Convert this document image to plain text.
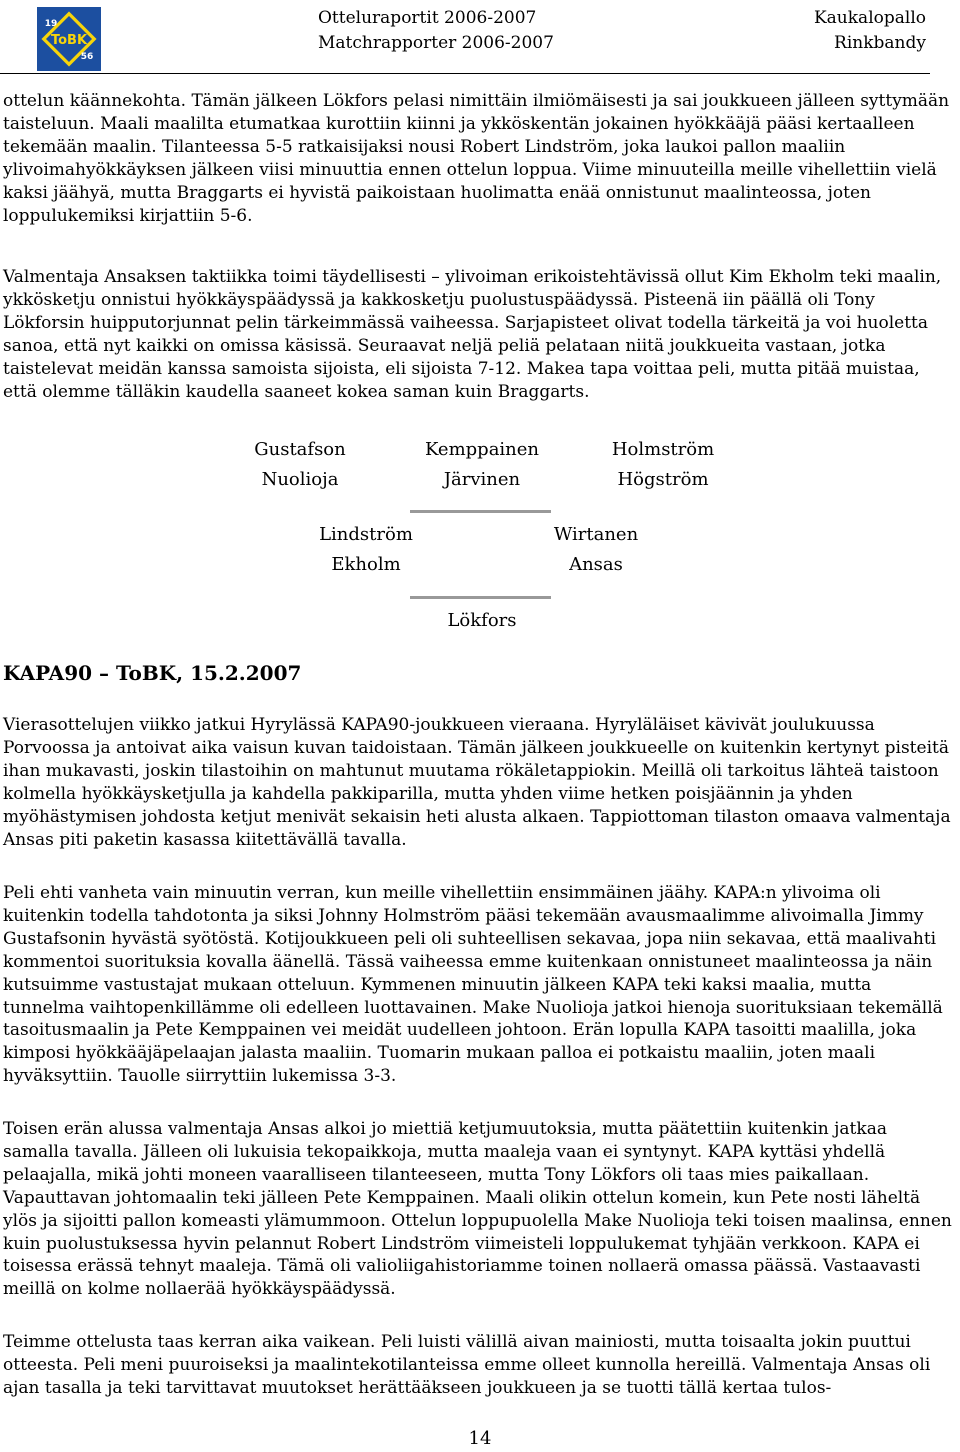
ToBK
19
56
Otteluraportit 2006-2007
Matchrapporter 2006-2007
Kaukalopallo
Rinkbandy

ottelun käännekohta. Tämän jälkeen Lökfors pelasi nimittäin ilmiömäisesti ja sai joukkueen jälleen syttymään taisteluun. Maali maalilta etumatkaa kurottiin kiinni ja ykköskentän jokainen hyökkääjä pääsi kertaalleen tekemään maalin. Tilanteessa 5-5 ratkaisijaksi nousi Robert Lindström, joka laukoi pallon maaliin ylivoimahyökkäyksen jälkeen viisi minuuttia ennen ottelun loppua. Viime minuuteilla meille vihellettiin vielä kaksi jäähyä, mutta Braggarts ei hyvistä paikoistaan huolimatta enää onnistunut maalinteossa, joten loppulukemiksi kirjattiin 5-6.

Valmentaja Ansaksen taktiikka toimi täydellisesti – ylivoiman erikoistehtävissä ollut Kim Ekholm teki maalin, ykkösketju onnistui hyökkäyspäädyssä ja kakkosketju puolustuspäädyssä. Pisteenä iin päällä oli Tony Lökforsin huipputorjunnat pelin tärkeimmässä vaiheessa. Sarjapisteet olivat todella tärkeitä ja voi huoletta sanoa, että nyt kaikki on omissa käsissä. Seuraavat neljä peliä pelataan niitä joukkueita vastaan, jotka taistelevat meidän kanssa samoista sijoista, eli sijoista 7-12. Makea tapa voittaa peli, mutta pitää muistaa, että olemme tälläkin kaudella saaneet kokea saman kuin Braggarts.

Gustafson	Kemppainen	Holmström
Nuolioja	Järvinen	Högström
Lindström	Wirtanen
Ekholm	Ansas
Lökfors
KAPA90 – ToBK, 15.2.2007

Vierasottelujen viikko jatkui Hyrylässä KAPA90-joukkueen vieraana. Hyryläläiset kävivät joulukuussa Porvoossa ja antoivat aika vaisun kuvan taidoistaan. Tämän jälkeen joukkueelle on kuitenkin kertynyt pisteitä ihan mukavasti, joskin tilastoihin on mahtunut muutama rökäletappiokin. Meillä oli tarkoitus lähteä taistoon kolmella hyökkäysketjulla ja kahdella pakkiparilla, mutta yhden viime hetken poisjäännin ja yhden myöhästymisen johdosta ketjut menivät sekaisin heti alusta alkaen. Tappiottoman tilaston omaava valmentaja Ansas piti paketin kasassa kiitettävällä tavalla.

Peli ehti vanheta vain minuutin verran, kun meille vihellettiin ensimmäinen jäähy. KAPA:n ylivoima oli kuitenkin todella tahdotonta ja siksi Johnny Holmström pääsi tekemään avausmaalimme alivoimalla Jimmy Gustafsonin hyvästä syötöstä. Kotijoukkueen peli oli suhteellisen sekavaa, jopa niin sekavaa, että maalivahti kommentoi suorituksia kovalla äänellä. Tässä vaiheessa emme kuitenkaan onnistuneet maalinteossa ja näin kutsuimme vastustajat mukaan otteluun. Kymmenen minuutin jälkeen KAPA teki kaksi maalia, mutta tunnelma vaihtopenkillämme oli edelleen luottavainen. Make Nuolioja jatkoi hienoja suorituksiaan tekemällä tasoitusmaalin ja Pete Kemppainen vei meidät uudelleen johtoon. Erän lopulla KAPA tasoitti maalilla, joka kimposi hyökkääjäpelaajan jalasta maaliin. Tuomarin mukaan palloa ei potkaistu maaliin, joten maali hyväksyttiin. Tauolle siirryttiin lukemissa 3-3.

Toisen erän alussa valmentaja Ansas alkoi jo miettiä ketjumuutoksia, mutta päätettiin kuitenkin jatkaa samalla tavalla. Jälleen oli lukuisia tekopaikkoja, mutta maaleja vaan ei syntynyt. KAPA kyttäsi yhdellä pelaajalla, mikä johti moneen vaaralliseen tilanteeseen, mutta Tony Lökfors oli taas mies paikallaan. Vapauttavan johtomaalin teki jälleen Pete Kemppainen. Maali olikin ottelun komein, kun Pete nosti läheltä ylös ja sijoitti pallon komeasti ylämummoon. Ottelun loppupuolella Make Nuolioja teki toisen maalinsa, ennen kuin puolustuksessa hyvin pelannut Robert Lindström viimeisteli loppulukemat tyhjään verkkoon. KAPA ei toisessa erässä tehnyt maaleja. Tämä oli valioliigahistoriamme toinen nollaerä omassa päässä. Vastaavasti meillä on kolme nollaerää hyökkäyspäädyssä.

Teimme ottelusta taas kerran aika vaikean. Peli luisti välillä aivan mainiosti, mutta toisaalta jokin puuttui otteesta. Peli meni puuroiseksi ja maalintekotilanteissa emme olleet kunnolla hereillä. Valmentaja Ansas oli ajan tasalla ja teki tarvittavat muutokset herättääkseen joukkueen ja se tuotti tällä kertaa tulos-

14
